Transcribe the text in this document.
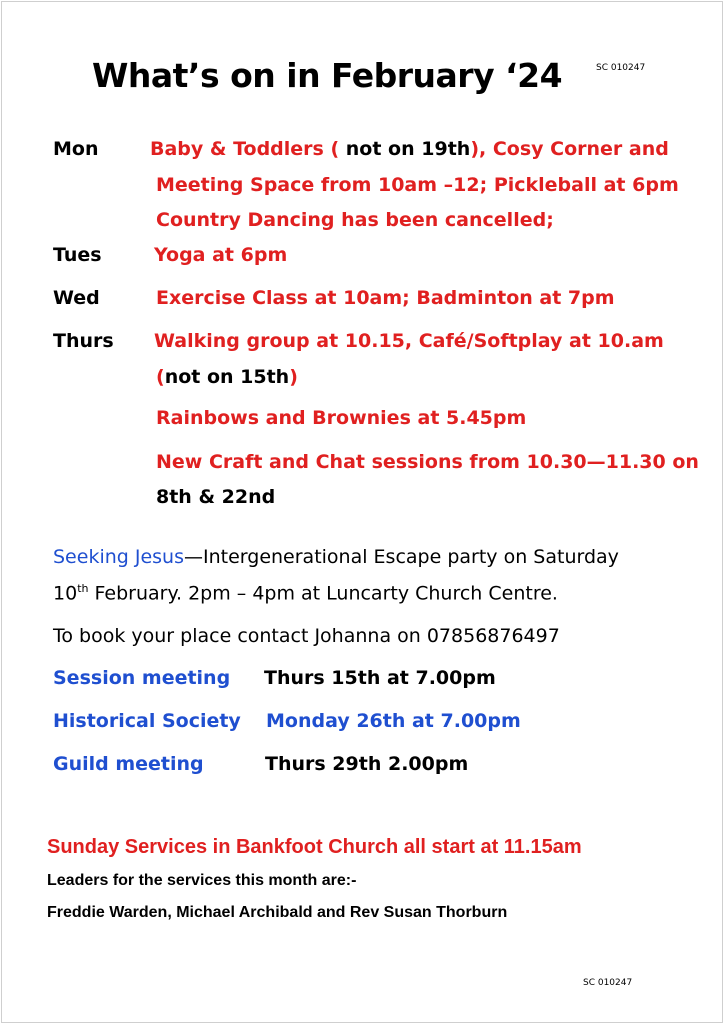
What’s on in February ‘24	SC 010247
Mon	Baby & Toddlers ( not on 19th), Cosy Corner and
Meeting Space from 10am –12; Pickleball at 6pm
Country Dancing has been cancelled;
Tues	Yoga at 6pm
Wed	Exercise Class at 10am; Badminton at 7pm
Thurs Walking group at 10.15, Café/Softplay at 10.am
(not on 15th)
Rainbows and Brownies at 5.45pm
New Craft and Chat sessions from 10.30—11.30 on
8th & 22nd
Seeking Jesus—Intergenerational Escape party on Saturday
10th February. 2pm – 4pm at Luncarty Church Centre.
To book your place contact Johanna on 07856876497
Session meeting Thurs 15th at 7.00pm
Historical Society Monday 26th at 7.00pm
Guild meeting	Thurs 29th 2.00pm
Sunday Services in Bankfoot Church all start at 11.15am
Leaders for the services this month are:-
Freddie Warden, Michael Archibald and Rev Susan Thorburn
SC 010247
